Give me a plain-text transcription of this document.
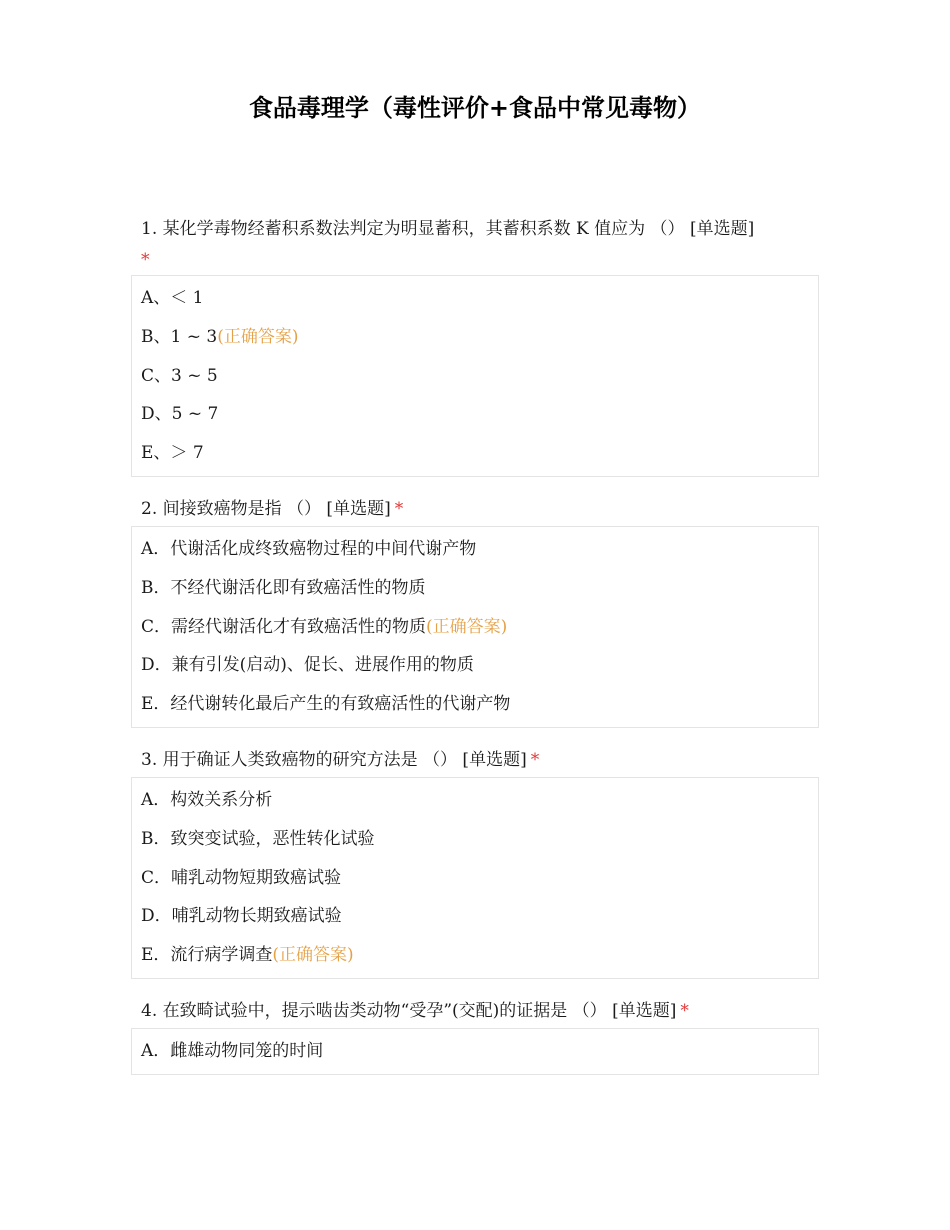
食品毒理学（毒性评价+食品中常见毒物）

1. 某化学毒物经蓄积系数法判定为明显蓄积，其蓄积系数 K 值应为 （） [单选题]
*

A、＜ 1
B、1 ~ 3(正确答案)
C、3 ~ 5
D、5 ~ 7
E、＞ 7

2. 间接致癌物是指 （） [单选题] *

A．代谢活化成终致癌物过程的中间代谢产物
B．不经代谢活化即有致癌活性的物质
C．需经代谢活化才有致癌活性的物质(正确答案)
D．兼有引发(启动)、促长、进展作用的物质
E．经代谢转化最后产生的有致癌活性的代谢产物

3. 用于确证人类致癌物的研究方法是 （） [单选题] *

A．构效关系分析
B．致突变试验，恶性转化试验
C．哺乳动物短期致癌试验
D．哺乳动物长期致癌试验
E．流行病学调查(正确答案)

4. 在致畸试验中，提示啮齿类动物“受孕”(交配)的证据是 （） [单选题] *

A．雌雄动物同笼的时间
